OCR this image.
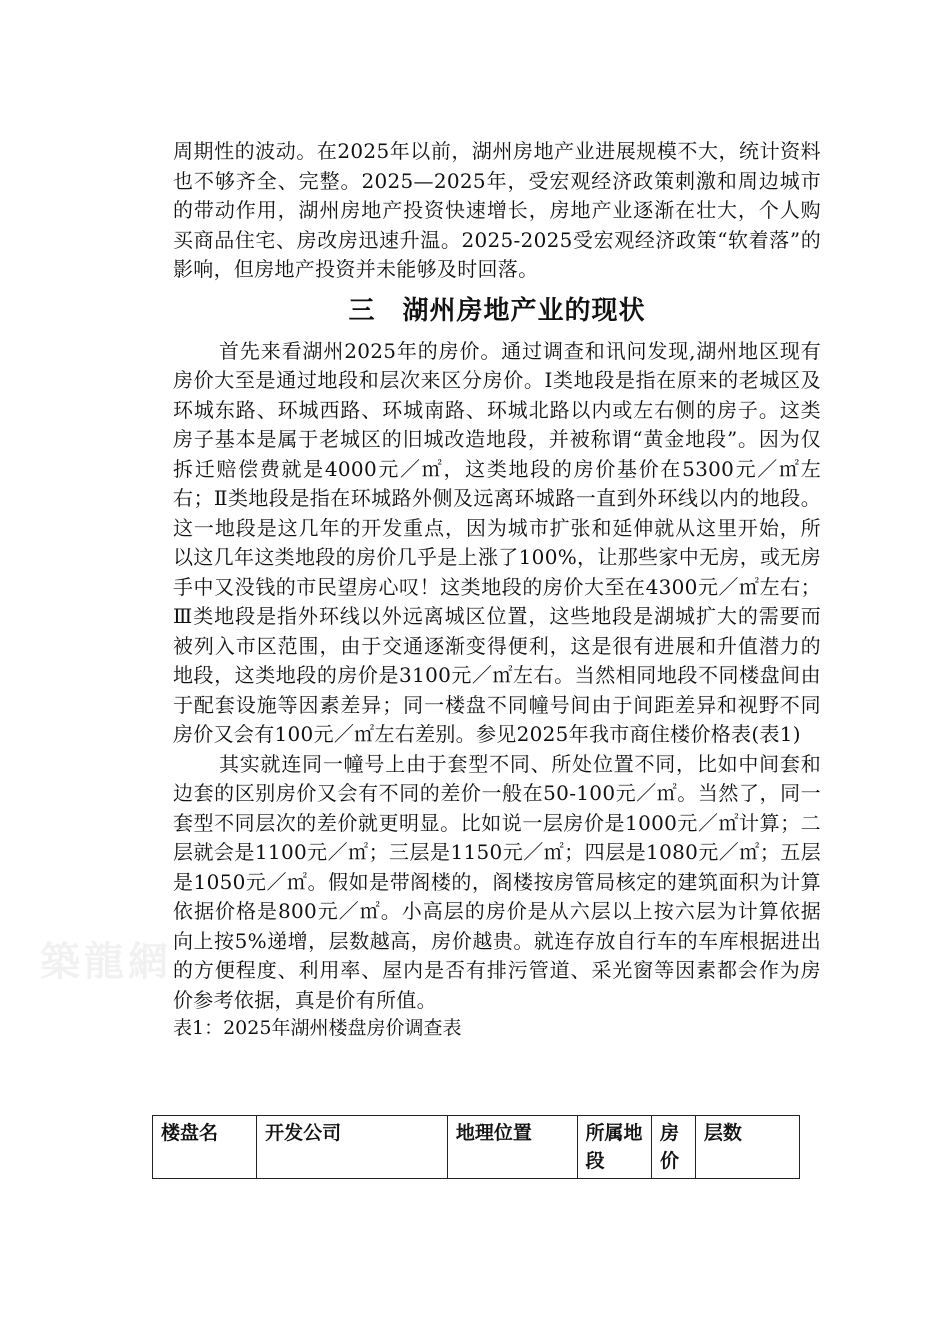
築龍網

周期性的波动。在2025年以前，湖州房地产业进展规模不大，统计资料也不够齐全、完整。2025—2025年，受宏观经济政策刺激和周边城市的带动作用，湖州房地产投资快速增长，房地产业逐渐在壮大，个人购买商品住宅、房改房迅速升温。2025-2025受宏观经济政策“软着落”的影响，但房地产投资并未能够及时回落。

三　湖州房地产业的现状

首先来看湖州2025年的房价。通过调查和讯问发现,湖州地区现有房价大至是通过地段和层次来区分房价。Ⅰ类地段是指在原来的老城区及环城东路、环城西路、环城南路、环城北路以内或左右侧的房子。这类房子基本是属于老城区的旧城改造地段，并被称谓“黄金地段”。因为仅拆迁赔偿费就是4000元／㎡，这类地段的房价基价在5300元／㎡左右；Ⅱ类地段是指在环城路外侧及远离环城路一直到外环线以内的地段。这一地段是这几年的开发重点，因为城市扩张和延伸就从这里开始，所以这几年这类地段的房价几乎是上涨了100%，让那些家中无房，或无房手中又没钱的市民望房心叹！这类地段的房价大至在4300元／㎡左右；Ⅲ类地段是指外环线以外远离城区位置，这些地段是湖城扩大的需要而被列入市区范围，由于交通逐渐变得便利，这是很有进展和升值潜力的地段，这类地段的房价是3100元／㎡左右。当然相同地段不同楼盘间由于配套设施等因素差异；同一楼盘不同幢号间由于间距差异和视野不同房价又会有100元／㎡左右差别。参见2025年我市商住楼价格表(表1)

其实就连同一幢号上由于套型不同、所处位置不同，比如中间套和边套的区别房价又会有不同的差价一般在50-100元／㎡。当然了，同一套型不同层次的差价就更明显。比如说一层房价是1000元／㎡计算；二层就会是1100元／㎡；三层是1150元／㎡；四层是1080元／㎡；五层是1050元／㎡。假如是带阁楼的，阁楼按房管局核定的建筑面积为计算依据价格是800元／㎡。小高层的房价是从六层以上按六层为计算依据向上按5%递增，层数越高，房价越贵。就连存放自行车的车库根据进出的方便程度、利用率、屋内是否有排污管道、采光窗等因素都会作为房价参考依据，真是价有所值。

表1：2025年湖州楼盘房价调查表

楼盘名	开发公司	地理位置	所属地段	房价	层数
